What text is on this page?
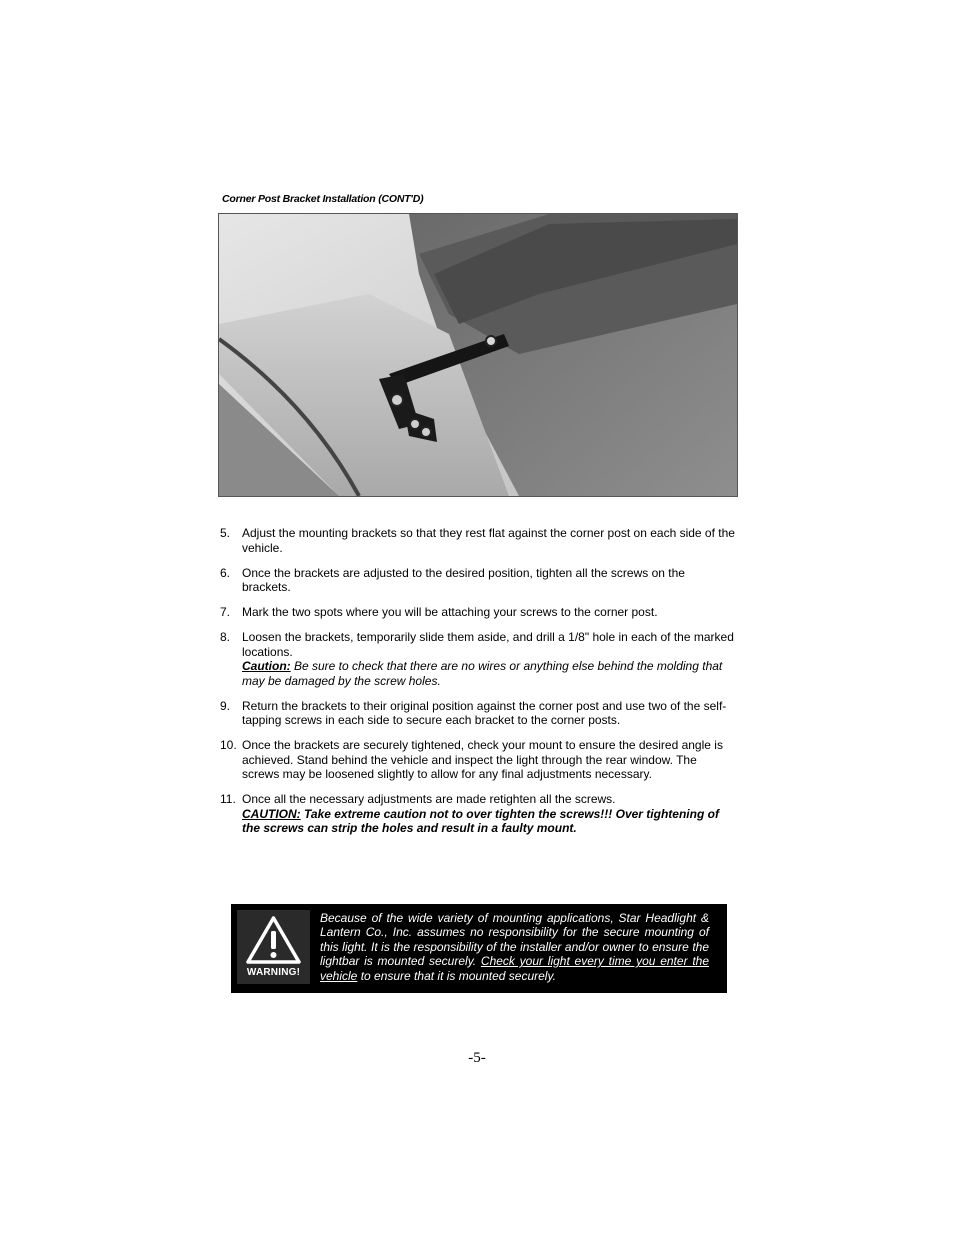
Corner Post Bracket Installation (CONT'D)
5. Adjust the mounting brackets so that they rest flat against the corner post on each side of the vehicle.
6. Once the brackets are adjusted to the desired position, tighten all the screws on the brackets.
7. Mark the two spots where you will be attaching your screws to the corner post.
8. Loosen the brackets, temporarily slide them aside, and drill a 1/8" hole in each of the marked locations.
Caution: Be sure to check that there are no wires or anything else behind the molding that may be damaged by the screw holes.
9. Return the brackets to their original position against the corner post and use two of the self-tapping screws in each side to secure each bracket to the corner posts.
10. Once the brackets are securely tightened, check your mount to ensure the desired angle is achieved. Stand behind the vehicle and inspect the light through the rear window. The screws may be loosened slightly to allow for any final adjustments necessary.
11. Once all the necessary adjustments are made retighten all the screws.
CAUTION: Take extreme caution not to over tighten the screws!!! Over tightening of the screws can strip the holes and result in a faulty mount.
WARNING!
Because of the wide variety of mounting applications, Star Headlight & Lantern Co., Inc. assumes no responsibility for the secure mounting of this light. It is the responsibility of the installer and/or owner to ensure the lightbar is mounted securely. Check your light every time you enter the vehicle to ensure that it is mounted securely.
-5-
